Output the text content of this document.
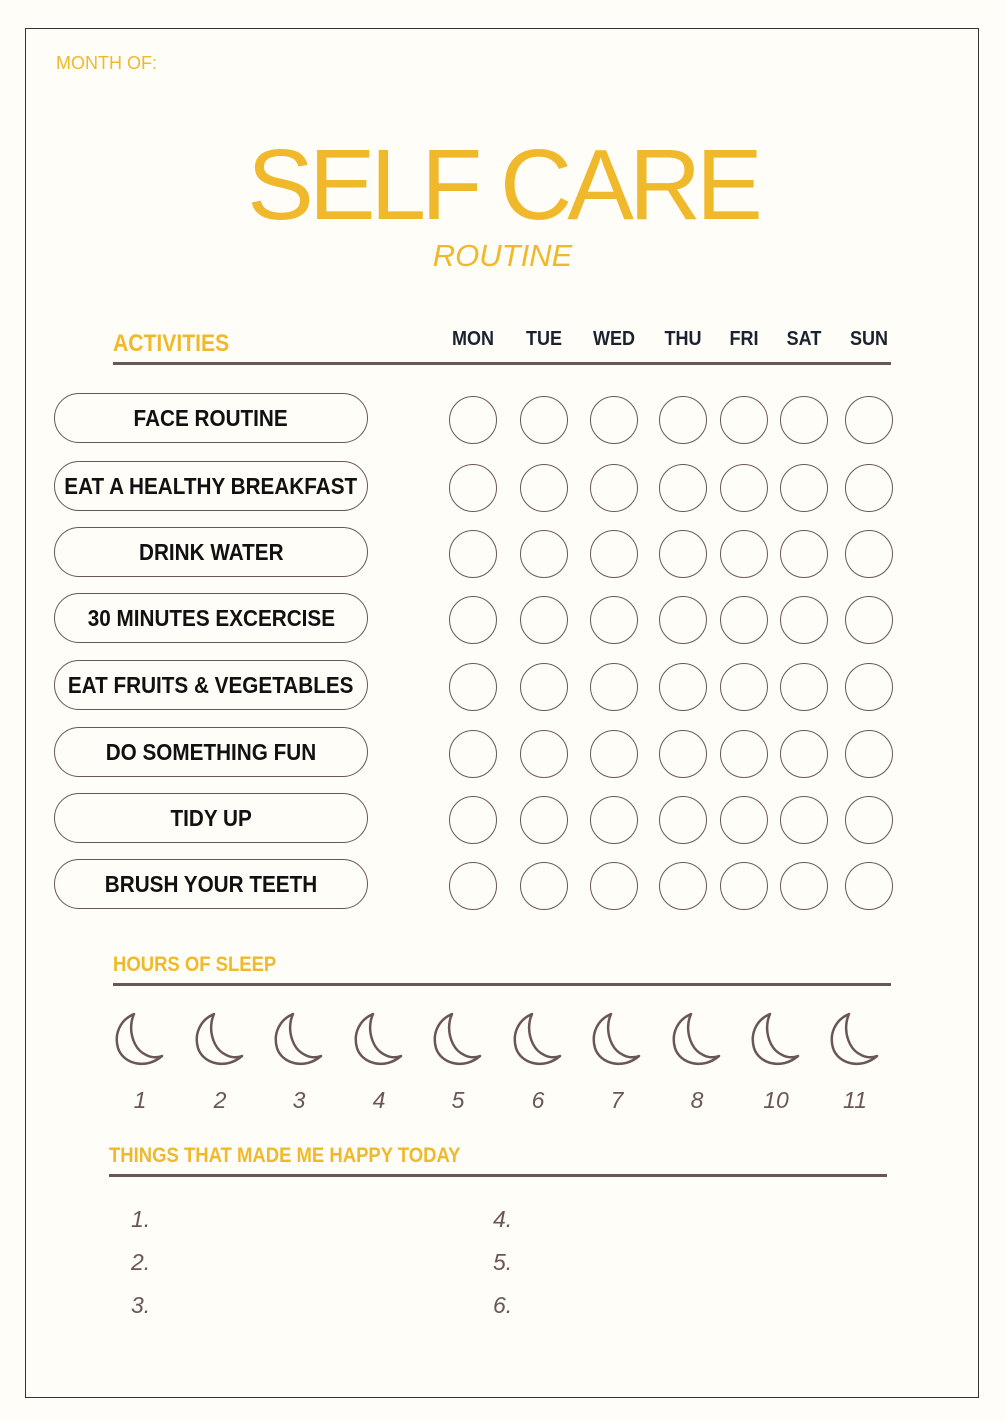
MONTH OF:
SELF CARE
ROUTINE
ACTIVITIES	MON	TUE	WED	THU	FRI	SAT	SUN
FACE ROUTINE
EAT A HEALTHY BREAKFAST
DRINK WATER
30 MINUTES EXCERCISE
EAT FRUITS & VEGETABLES
DO SOMETHING FUN
TIDY UP
BRUSH YOUR TEETH
HOURS OF SLEEP
1	2	3	4	5	6	7	8	10	11
THINGS THAT MADE ME HAPPY TODAY
1.
2.
3.
4.
5.
6.
